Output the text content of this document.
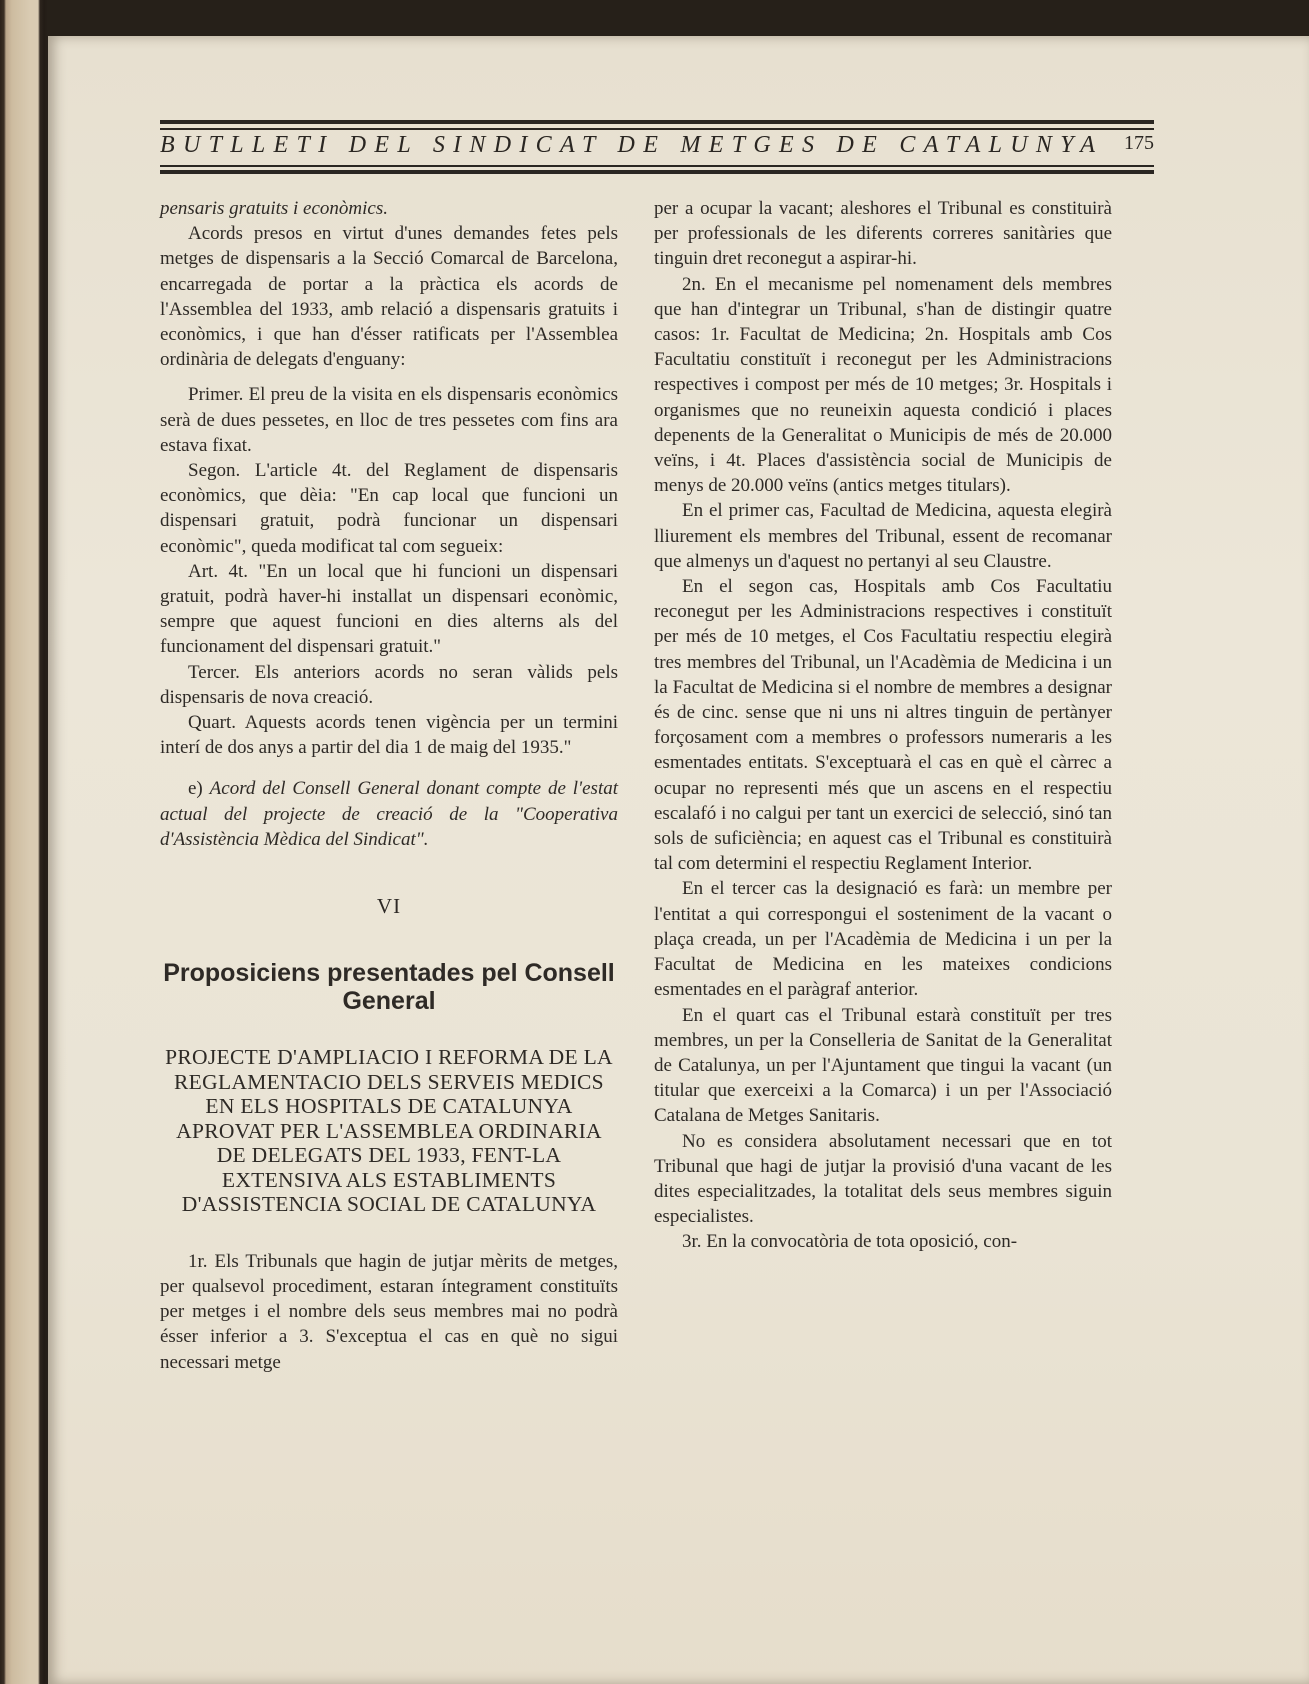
BUTLLETI DEL SINDICAT DE METGES DE CATALUNYA	175

pensaris gratuits i econòmics.

Acords presos en virtut d'unes demandes fetes pels metges de dispensaris a la Secció Comarcal de Barcelona, encarregada de portar a la pràctica els acords de l'Assemblea del 1933, amb relació a dispensaris gratuits i econòmics, i que han d'ésser ratificats per l'Assemblea ordinària de delegats d'enguany:

Primer. El preu de la visita en els dispensaris econòmics serà de dues pessetes, en lloc de tres pessetes com fins ara estava fixat.

Segon. L'article 4t. del Reglament de dispensaris econòmics, que dèia: "En cap local que funcioni un dispensari gratuit, podrà funcionar un dispensari econòmic", queda modificat tal com segueix:

Art. 4t. "En un local que hi funcioni un dispensari gratuit, podrà haver-hi installat un dispensari econòmic, sempre que aquest funcioni en dies alterns als del funcionament del dispensari gratuit."

Tercer. Els anteriors acords no seran vàlids pels dispensaris de nova creació.

Quart. Aquests acords tenen vigència per un termini interí de dos anys a partir del dia 1 de maig del 1935."

e) Acord del Consell General donant compte de l'estat actual del projecte de creació de la "Cooperativa d'Assistència Mèdica del Sindicat".

VI
Proposiciens presentades pel Consell General
PROJECTE D'AMPLIACIO I REFORMA DE LA REGLAMENTACIO DELS SERVEIS MEDICS EN ELS HOSPITALS DE CATALUNYA APROVAT PER L'ASSEMBLEA ORDINARIA DE DELEGATS DEL 1933, FENT-LA EXTENSIVA ALS ESTABLIMENTS D'ASSISTENCIA SOCIAL DE CATALUNYA

1r. Els Tribunals que hagin de jutjar mèrits de metges, per qualsevol procediment, estaran íntegrament constituïts per metges i el nombre dels seus membres mai no podrà ésser inferior a 3. S'exceptua el cas en què no sigui necessari metge

per a ocupar la vacant; aleshores el Tribunal es constituirà per professionals de les diferents correres sanitàries que tinguin dret reconegut a aspirar-hi.

2n. En el mecanisme pel nomenament dels membres que han d'integrar un Tribunal, s'han de distingir quatre casos: 1r. Facultat de Medicina; 2n. Hospitals amb Cos Facultatiu constituït i reconegut per les Administracions respectives i compost per més de 10 metges; 3r. Hospitals i organismes que no reuneixin aquesta condició i places depenents de la Generalitat o Municipis de més de 20.000 veïns, i 4t. Places d'assistència social de Municipis de menys de 20.000 veïns (antics metges titulars).

En el primer cas, Facultad de Medicina, aquesta elegirà lliurement els membres del Tribunal, essent de recomanar que almenys un d'aquest no pertanyi al seu Claustre.

En el segon cas, Hospitals amb Cos Facultatiu reconegut per les Administracions respectives i constituït per més de 10 metges, el Cos Facultatiu respectiu elegirà tres membres del Tribunal, un l'Acadèmia de Medicina i un la Facultat de Medicina si el nombre de membres a designar és de cinc. sense que ni uns ni altres tinguin de pertànyer forçosament com a membres o professors numeraris a les esmentades entitats. S'exceptuarà el cas en què el càrrec a ocupar no representi més que un ascens en el respectiu escalafó i no calgui per tant un exercici de selecció, sinó tan sols de suficiència; en aquest cas el Tribunal es constituirà tal com determini el respectiu Reglament Interior.

En el tercer cas la designació es farà: un membre per l'entitat a qui correspongui el sosteniment de la vacant o plaça creada, un per l'Acadèmia de Medicina i un per la Facultat de Medicina en les mateixes condicions esmentades en el paràgraf anterior.

En el quart cas el Tribunal estarà constituït per tres membres, un per la Conselleria de Sanitat de la Generalitat de Catalunya, un per l'Ajuntament que tingui la vacant (un titular que exerceixi a la Comarca) i un per l'Associació Catalana de Metges Sanitaris.

No es considera absolutament necessari que en tot Tribunal que hagi de jutjar la provisió d'una vacant de les dites especialitzades, la totalitat dels seus membres siguin especialistes.

3r. En la convocatòria de tota oposició, con-
